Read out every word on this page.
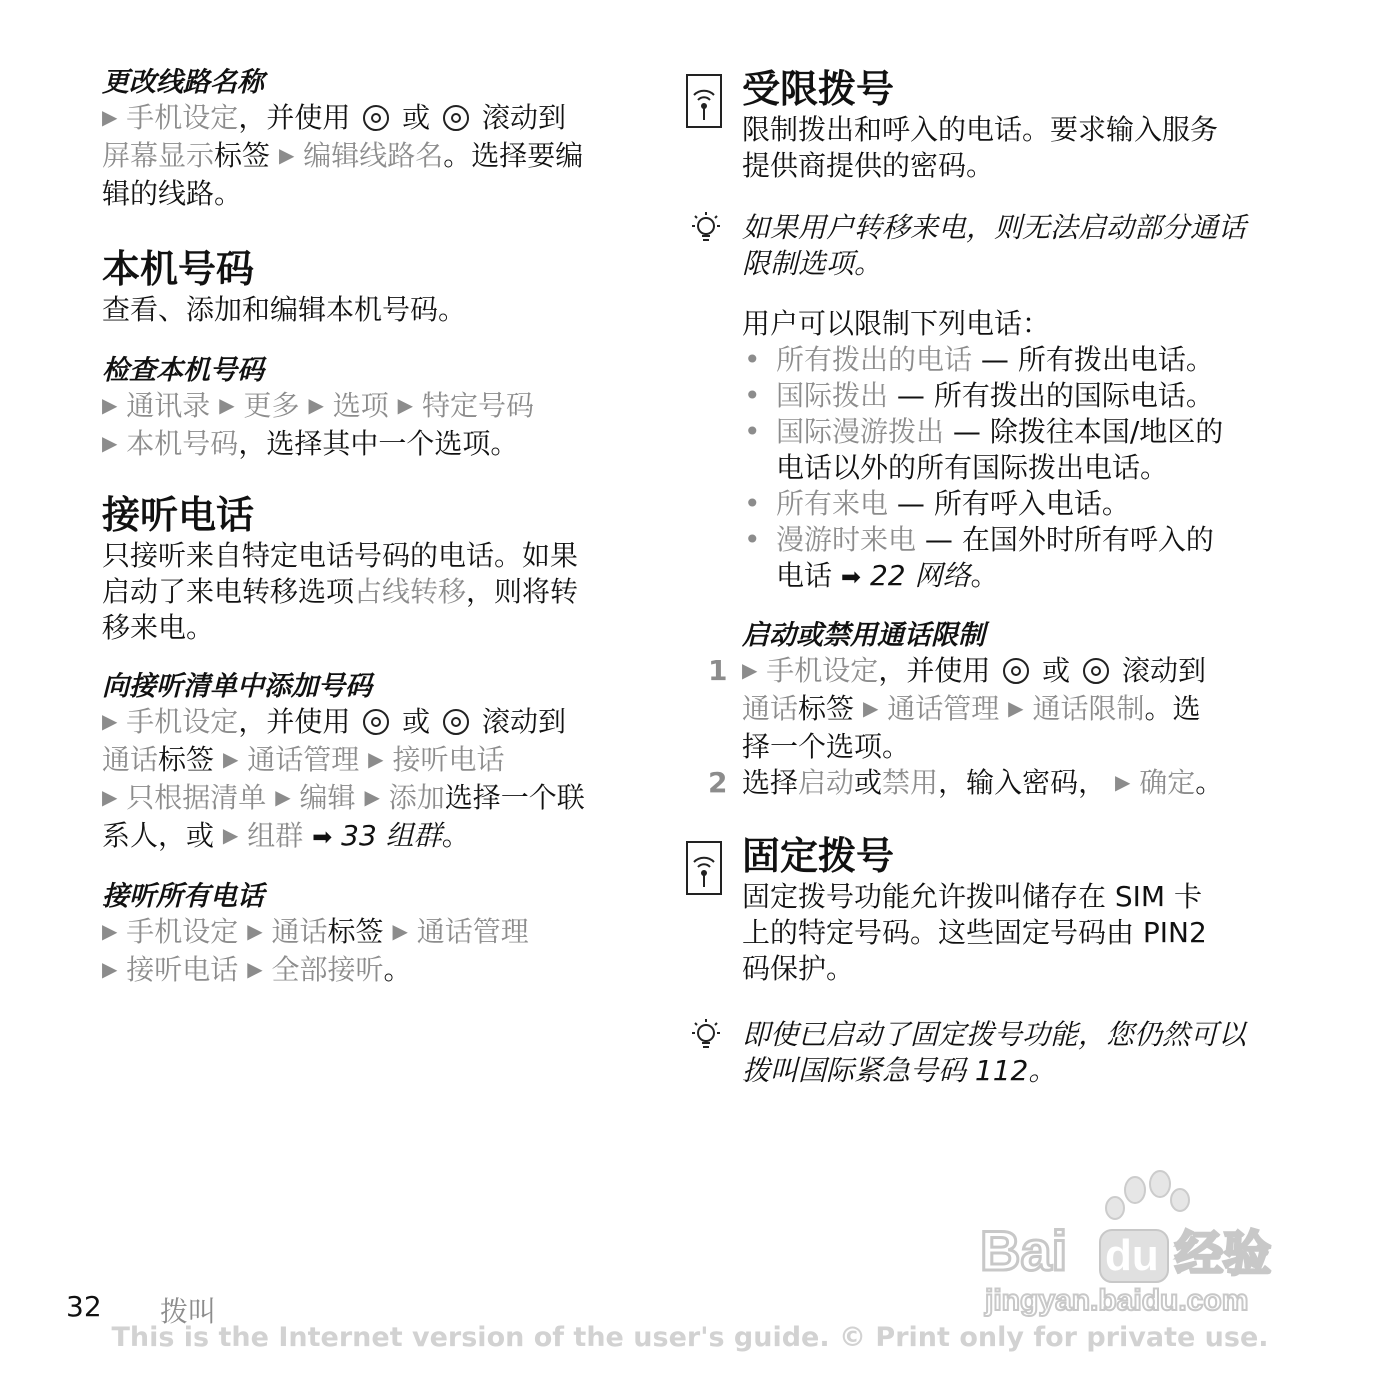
更改线路名称

▶ 手机设定，并使用 或 滚动到

屏幕显示标签 ▶ 编辑线路名。选择要编

辑的线路。

本机号码

查看、添加和编辑本机号码。

检查本机号码

▶ 通讯录 ▶ 更多 ▶ 选项 ▶ 特定号码

▶ 本机号码，选择其中一个选项。

接听电话

只接听来自特定电话号码的电话。如果

启动了来电转移选项占线转移，则将转

移来电。

向接听清单中添加号码

▶ 手机设定，并使用 或 滚动到

通话标签 ▶ 通话管理 ▶ 接听电话

▶ 只根据清单 ▶ 编辑 ▶ 添加选择一个联

系人，或 ▶ 组群 ➡ 33 组群。

接听所有电话

▶ 手机设定 ▶ 通话标签 ▶ 通话管理

▶ 接听电话 ▶ 全部接听。

受限拨号

限制拨出和呼入的电话。要求输入服务

提供商提供的密码。

如果用户转移来电，则无法启动部分通话

限制选项。

用户可以限制下列电话：

• 所有拨出的电话 — 所有拨出电话。
• 国际拨出 — 所有拨出的国际电话。
• 国际漫游拨出 — 除拨往本国/地区的
电话以外的所有国际拨出电话。
• 所有来电 — 所有呼入电话。
• 漫游时来电 — 在国外时所有呼入的
电话 ➡ 22 网络。

启动或禁用通话限制

1 ▶ 手机设定，并使用 或 滚动到
通话标签 ▶ 通话管理 ▶ 通话限制。选
择一个选项。
2 选择启动或禁用，输入密码， ▶ 确定。

固定拨号

固定拨号功能允许拨叫储存在 SIM 卡

上的特定号码。这些固定号码由 PIN2

码保护。

即使已启动了固定拨号功能，您仍然可以

拨叫国际紧急号码 112。

Bai du 经验
jingyan.baidu.com
32 拨叫
This is the Internet version of the user's guide. © Print only for private use.
